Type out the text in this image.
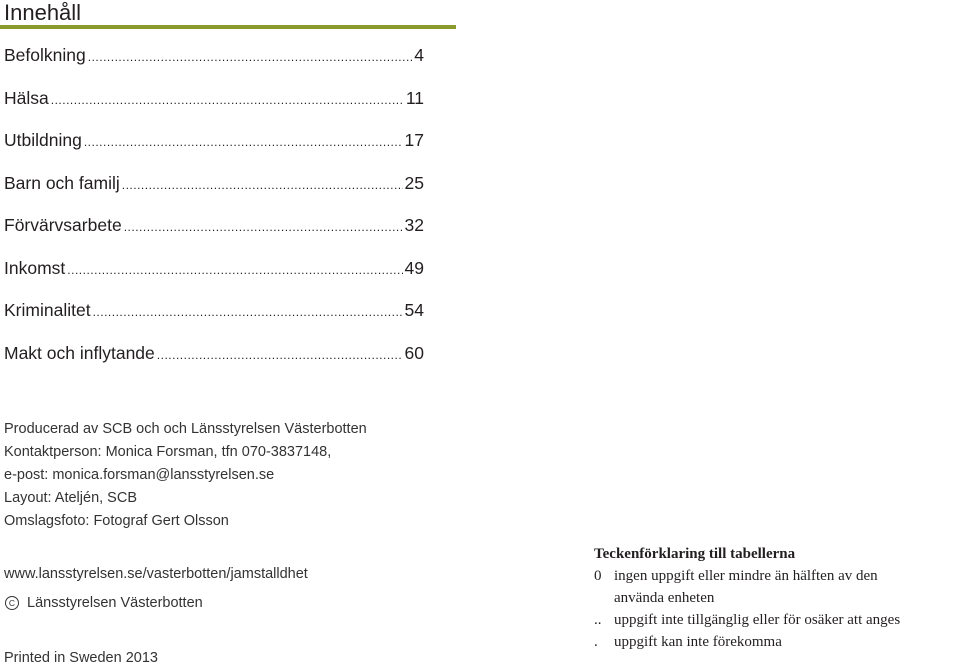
Innehåll
Befolkning .....	4
Hälsa .....	11
Utbildning .....	17
Barn och familj .....	25
Förvärvsarbete .....	32
Inkomst .....	49
Kriminalitet .....	54
Makt och inflytande .....	60
Producerad av SCB och och Länsstyrelsen Västerbotten
Kontaktperson: Monica Forsman, tfn 070-3837148,
e-post: monica.forsman@lansstyrelsen.se
Layout: Ateljén, SCB
Omslagsfoto: Fotograf Gert Olsson
www.lansstyrelsen.se/vasterbotten/jamstalldhet
C Länsstyrelsen Västerbotten
Printed in Sweden 2013
Teckenförklaring till tabellerna
0 ingen uppgift eller mindre än hälften av den
använda enheten
.. uppgift inte tillgänglig eller för osäker att anges
.	uppgift kan inte förekomma
